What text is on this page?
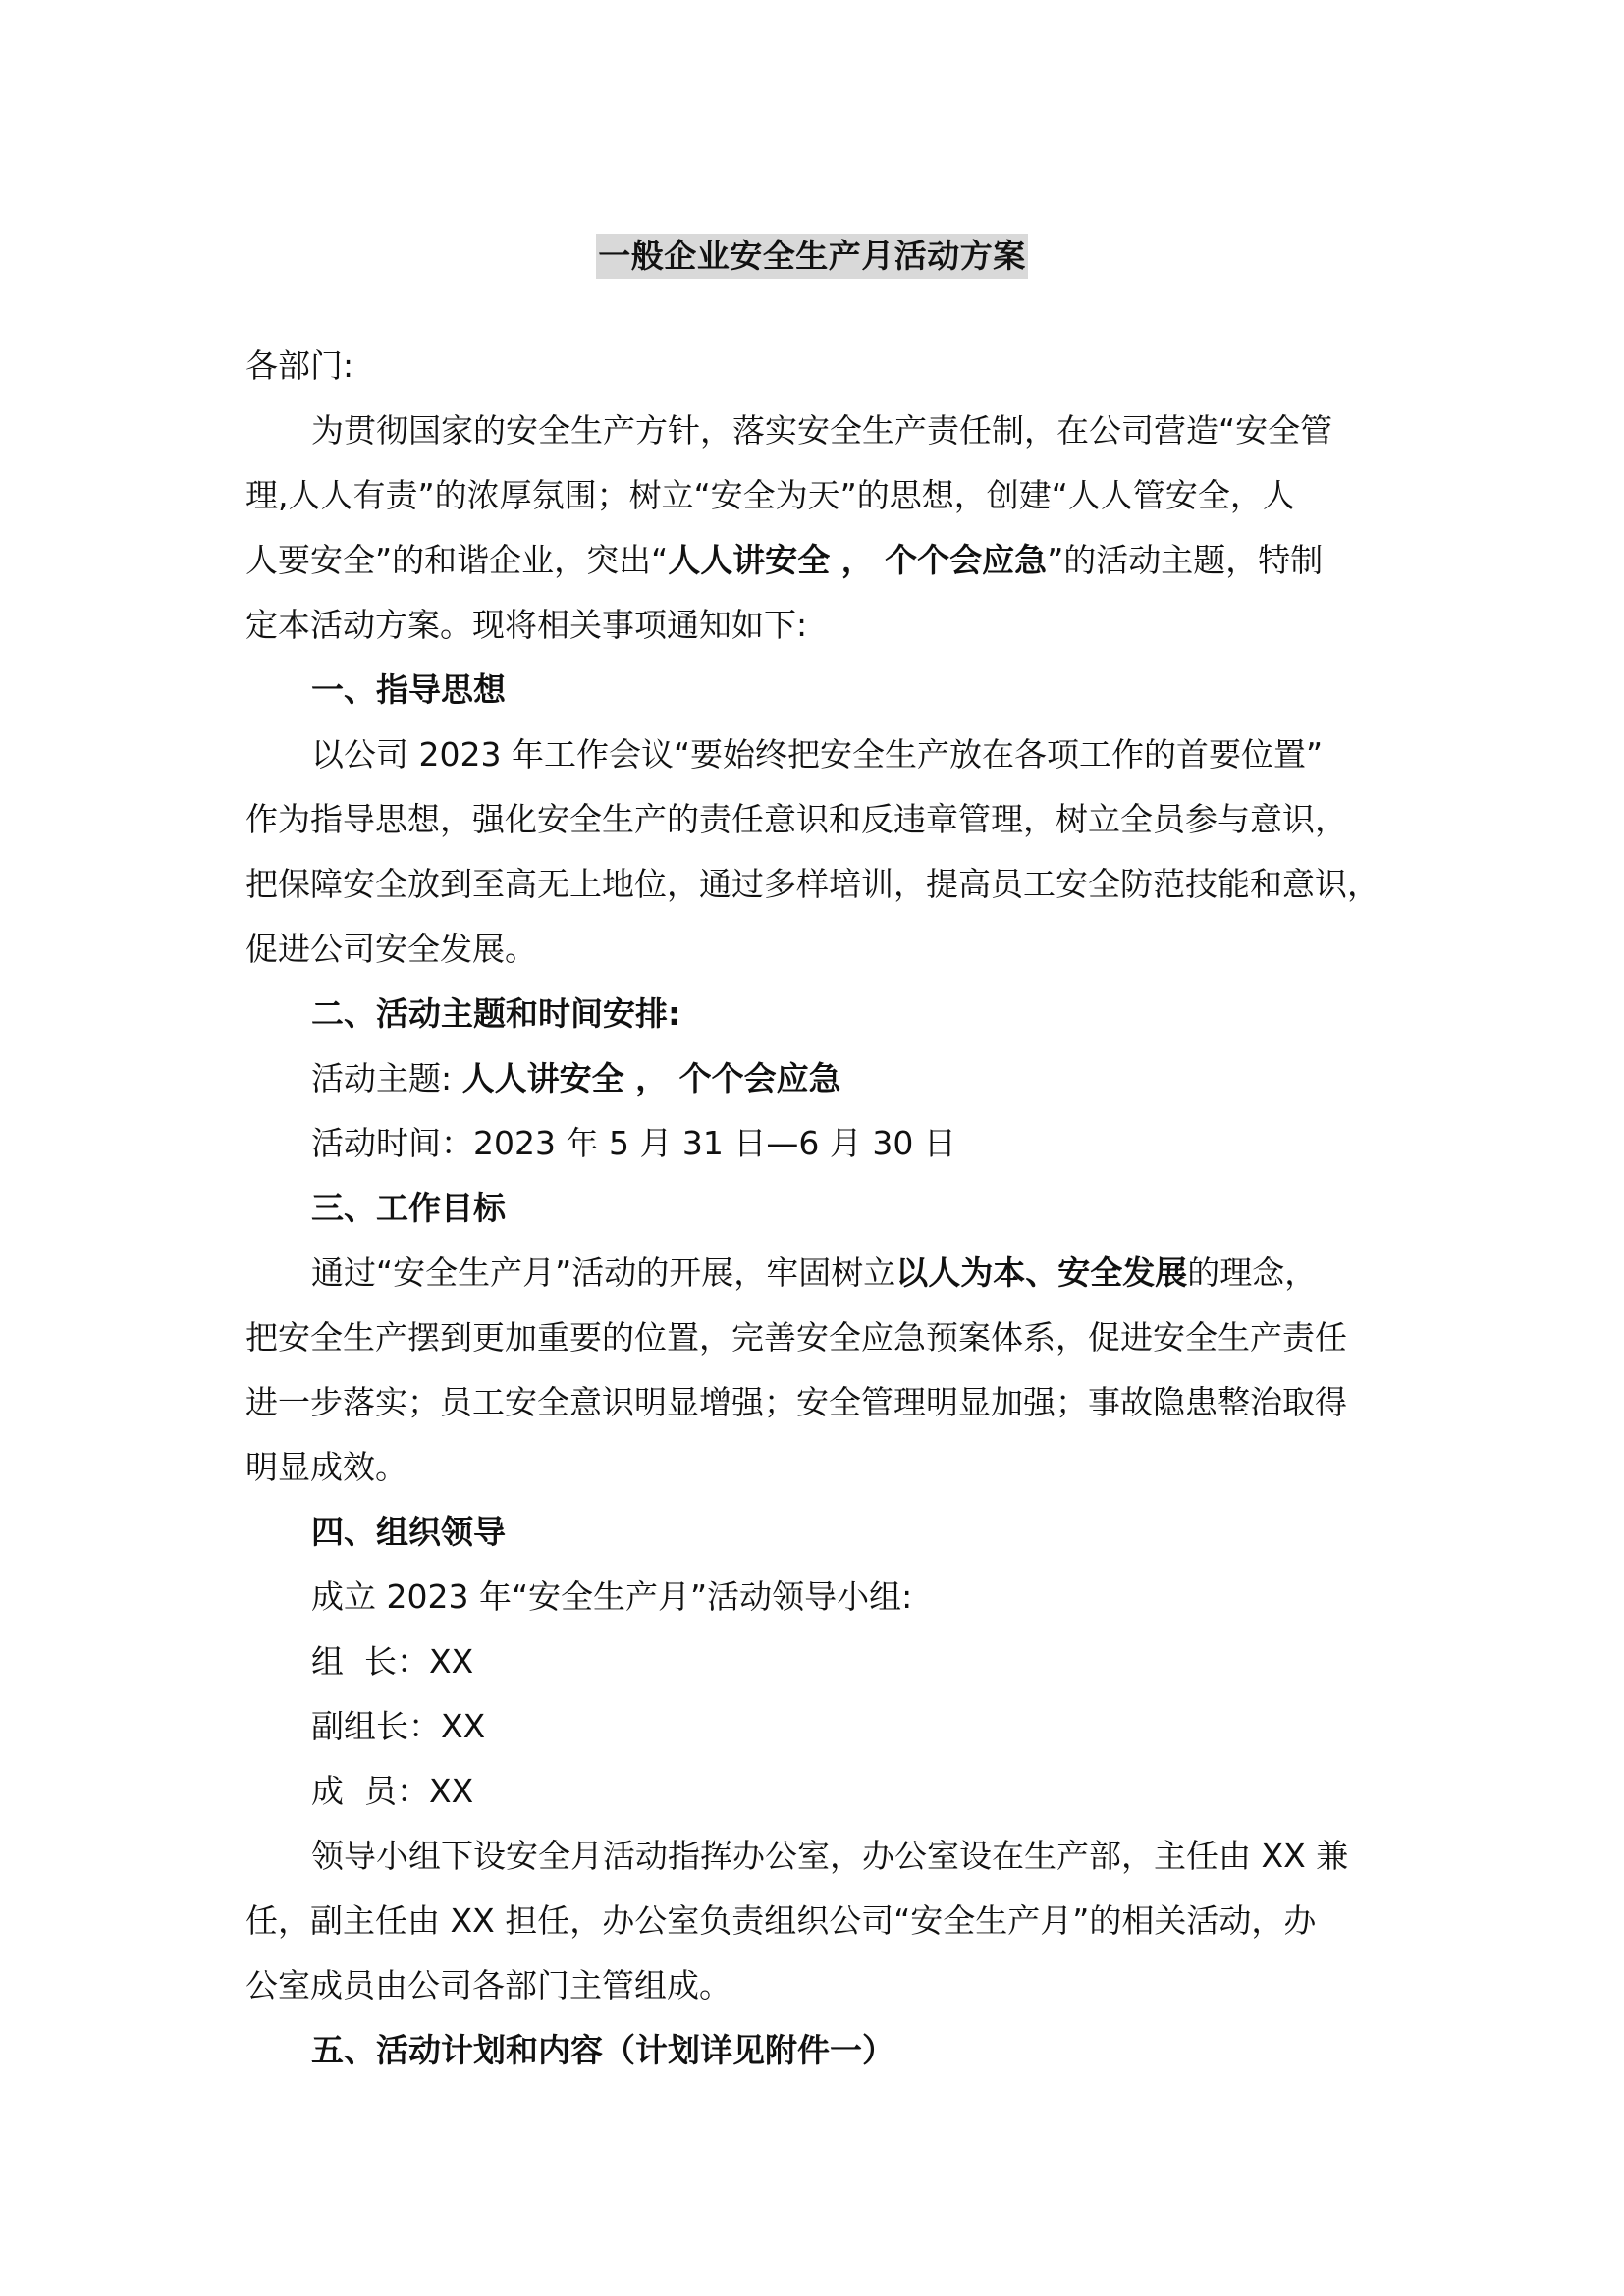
一般企业安全生产月活动方案
各部门:
为贯彻国家的安全生产方针，落实安全生产责任制，在公司营造“安全管
理,人人有责”的浓厚氛围；树立“安全为天”的思想，创建“人人管安全，人
人要安全”的和谐企业，突出“人人讲安全 ， 个个会应急”的活动主题，特制
定本活动方案。现将相关事项通知如下:
一、指导思想
以公司 2023 年工作会议“要始终把安全生产放在各项工作的首要位置”
作为指导思想，强化安全生产的责任意识和反违章管理，树立全员参与意识，
把保障安全放到至高无上地位，通过多样培训，提高员工安全防范技能和意识，
促进公司安全发展。
二、活动主题和时间安排:
活动主题: 人人讲安全 ， 个个会应急
活动时间：2023 年 5 月 31 日—6 月 30 日
三、工作目标
通过“安全生产月”活动的开展，牢固树立以人为本、安全发展的理念，
把安全生产摆到更加重要的位置，完善安全应急预案体系，促进安全生产责任
进一步落实；员工安全意识明显增强；安全管理明显加强；事故隐患整治取得
明显成效。
四、组织领导
成立 2023 年“安全生产月”活动领导小组:
组  长：XX
副组长：XX
成  员：XX
领导小组下设安全月活动指挥办公室，办公室设在生产部，主任由 XX 兼
任，副主任由 XX 担任，办公室负责组织公司“安全生产月”的相关活动，办
公室成员由公司各部门主管组成。
五、活动计划和内容（计划详见附件一）
